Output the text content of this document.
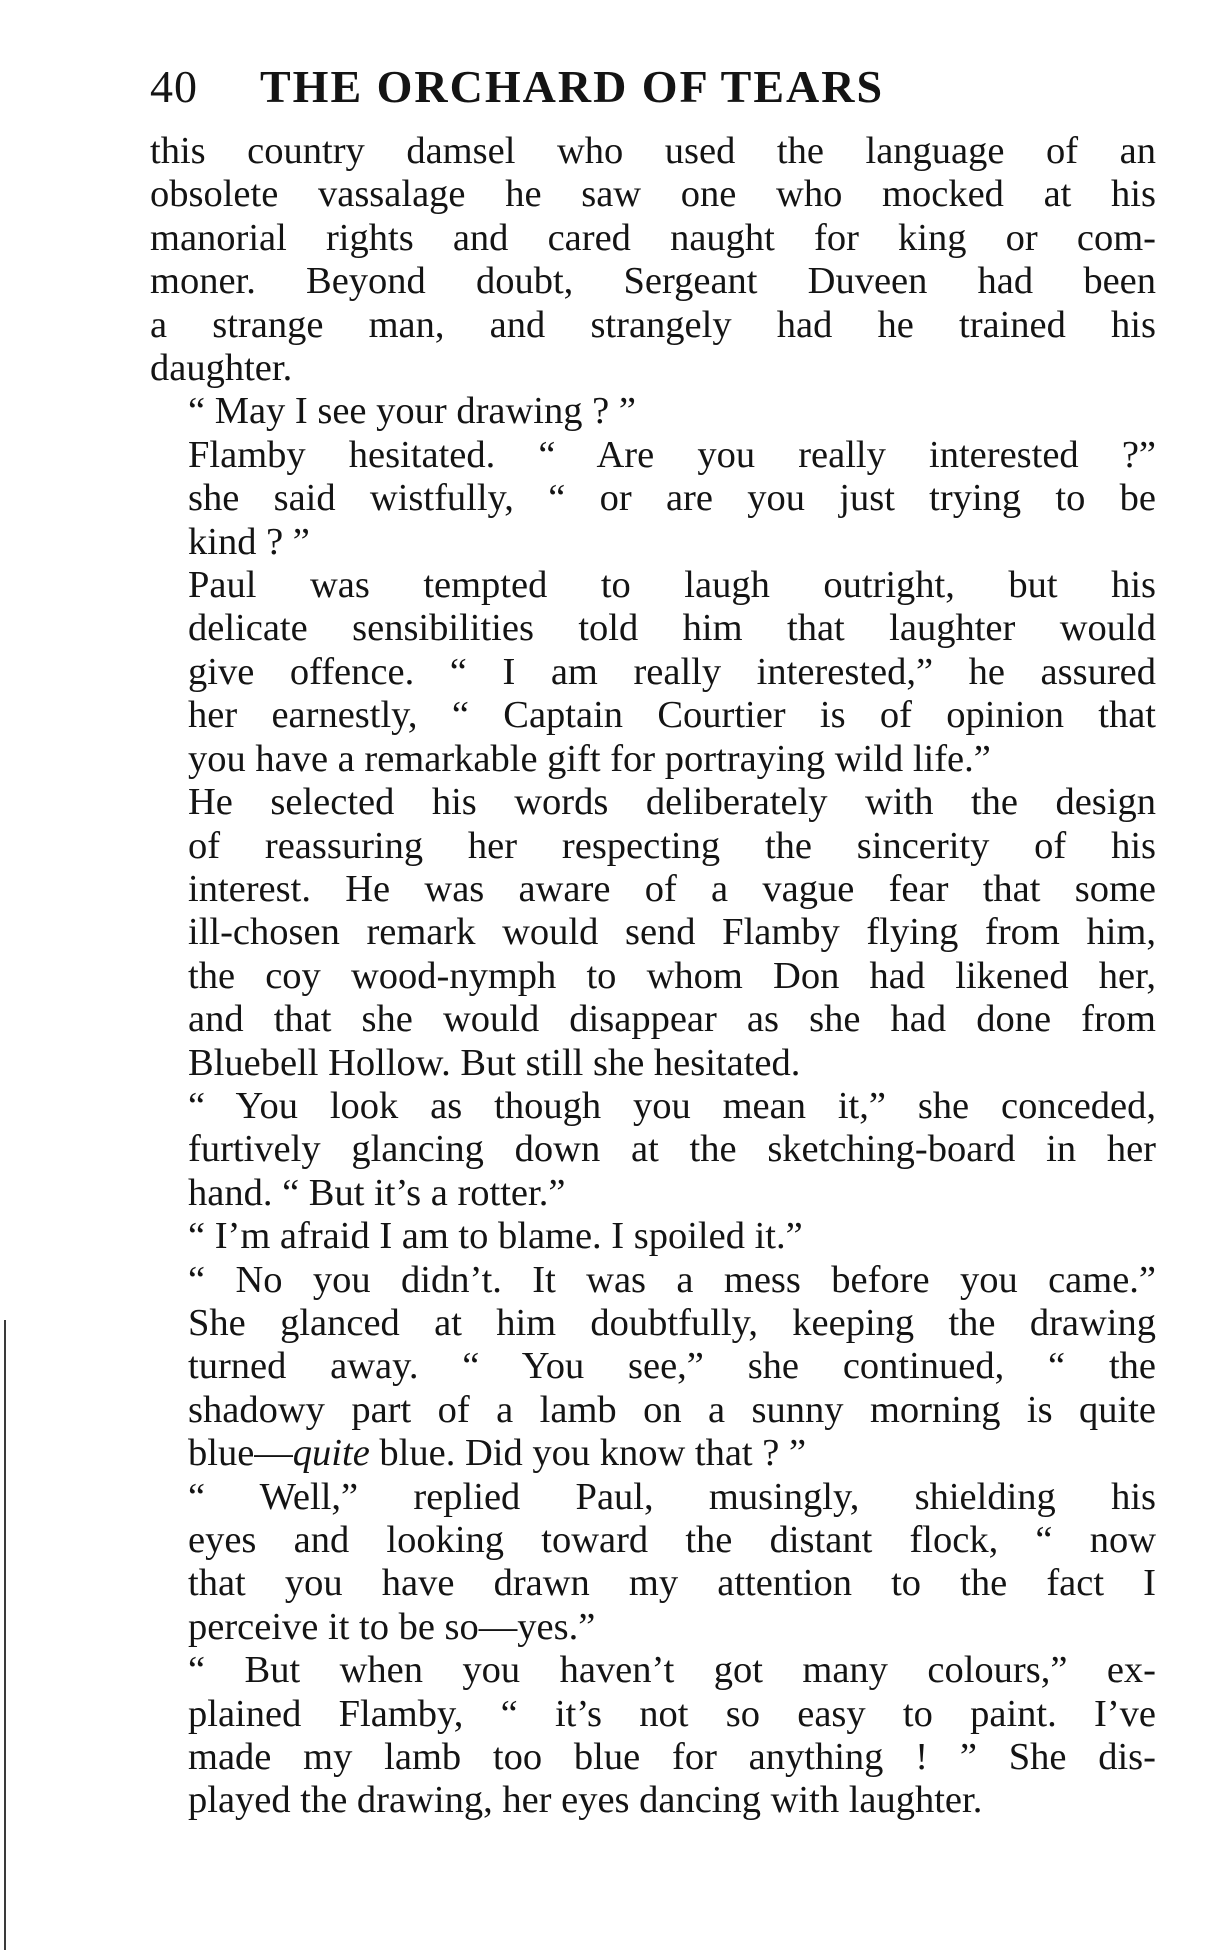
40	THE ORCHARD OF TEARS

this country damsel who used the language of an
obsolete vassalage he saw one who mocked at his
manorial rights and cared naught for king or com-
moner. Beyond doubt, Sergeant Duveen had been
a strange man, and strangely had he trained his
daughter.

“ May I see your drawing ? ”

Flamby hesitated. “ Are you really interested ?”
she said wistfully, “ or are you just trying to be
kind ? ”

Paul was tempted to laugh outright, but his
delicate sensibilities told him that laughter would
give offence. “ I am really interested,” he assured
her earnestly, “ Captain Courtier is of opinion that
you have a remarkable gift for portraying wild life.”

He selected his words deliberately with the design
of reassuring her respecting the sincerity of his
interest. He was aware of a vague fear that some
ill-chosen remark would send Flamby flying from him,
the coy wood-nymph to whom Don had likened her,
and that she would disappear as she had done from
Bluebell Hollow. But still she hesitated.

“ You look as though you mean it,” she conceded,
furtively glancing down at the sketching-board in her
hand. “ But it’s a rotter.”

“ I’m afraid I am to blame. I spoiled it.”

“ No you didn’t. It was a mess before you came.”
She glanced at him doubtfully, keeping the drawing
turned away. “ You see,” she continued, “ the
shadowy part of a lamb on a sunny morning is quite
blue—quite blue. Did you know that ? ”

“ Well,” replied Paul, musingly, shielding his
eyes and looking toward the distant flock, “ now
that you have drawn my attention to the fact I
perceive it to be so—yes.”

“ But when you haven’t got many colours,” ex-
plained Flamby, “ it’s not so easy to paint. I’ve
made my lamb too blue for anything ! ” She dis-
played the drawing, her eyes dancing with laughter.
